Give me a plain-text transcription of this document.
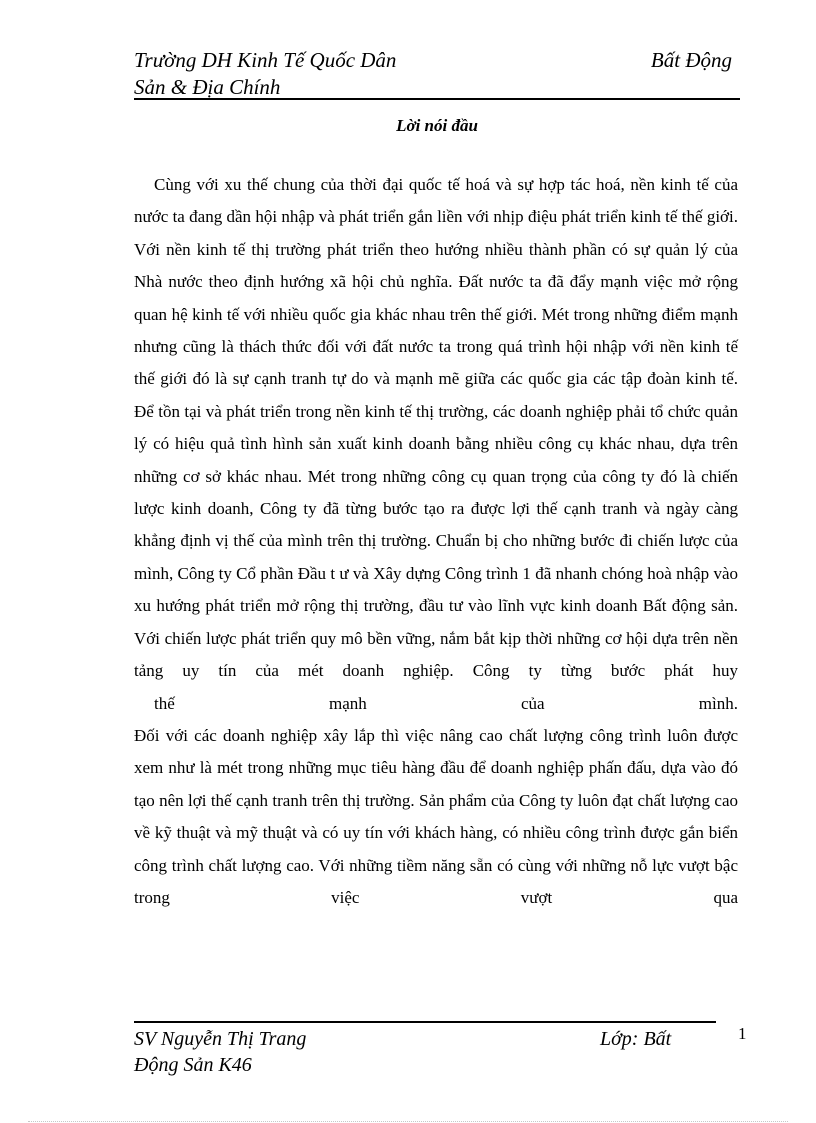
Trường DH Kinh Tế Quốc Dân	Bất Động
Sản & Địa Chính
Lời nói đầu

Cùng với xu thế chung của thời đại quốc tế hoá và sự hợp tác hoá, nền kinh tế của nước ta đang dần hội nhập và phát triển gắn liền với nhịp điệu phát triển kinh tế thế giới. Với nền kinh tế thị trường phát triển theo hướng nhiều thành phần có sự quản lý của Nhà nước theo định hướng xã hội chủ nghĩa. Đất nước ta đã đẩy mạnh việc mở rộng quan hệ kinh tế với nhiều quốc gia khác nhau trên thế giới. Mét trong những điểm mạnh nhưng cũng là thách thức đối với đất nước ta trong quá trình hội nhập với nền kinh tế thế giới đó là sự cạnh tranh tự do và mạnh mẽ giữa các quốc gia các tập đoàn kinh tế. Để tồn tại và phát triển trong nền kinh tế thị trường, các doanh nghiệp phải tổ chức quản lý có hiệu quả tình hình sản xuất kinh doanh bằng nhiều công cụ khác nhau, dựa trên những cơ sở khác nhau. Mét trong những công cụ quan trọng của công ty đó là chiến lược kinh doanh, Công ty đã từng bước tạo ra được lợi thế cạnh tranh và ngày càng khẳng định vị thế của mình trên thị trường. Chuẩn bị cho những bước đi chiến lược của mình, Công ty Cổ phần Đầu t ư và Xây dựng Công trình 1 đã nhanh chóng hoà nhập vào xu hướng phát triển mở rộng thị trường, đầu tư vào lĩnh vực kinh doanh Bất động sản. Với chiến lược phát triển quy mô bền vững, nắm bắt kịp thời những cơ hội dựa trên nền tảng uy tín của mét doanh nghiệp. Công ty từng bước phát huy
thế mạnh của mình.

Đối với các doanh nghiệp xây lắp thì việc nâng cao chất lượng công trình luôn được xem như là mét trong những mục tiêu hàng đầu để doanh nghiệp phấn đấu, dựa vào đó tạo nên lợi thế cạnh tranh trên thị trường. Sản phẩm của Công ty luôn đạt chất lượng cao về kỹ thuật và mỹ thuật và có uy tín với khách hàng, có nhiều công trình được gắn biển công trình chất lượng cao. Với những tiềm năng sẵn có cùng với những nỗ lực vượt bậc trong việc vượt qua

SV Nguyễn Thị Trang	Lớp: Bất
Động Sản K46
1
